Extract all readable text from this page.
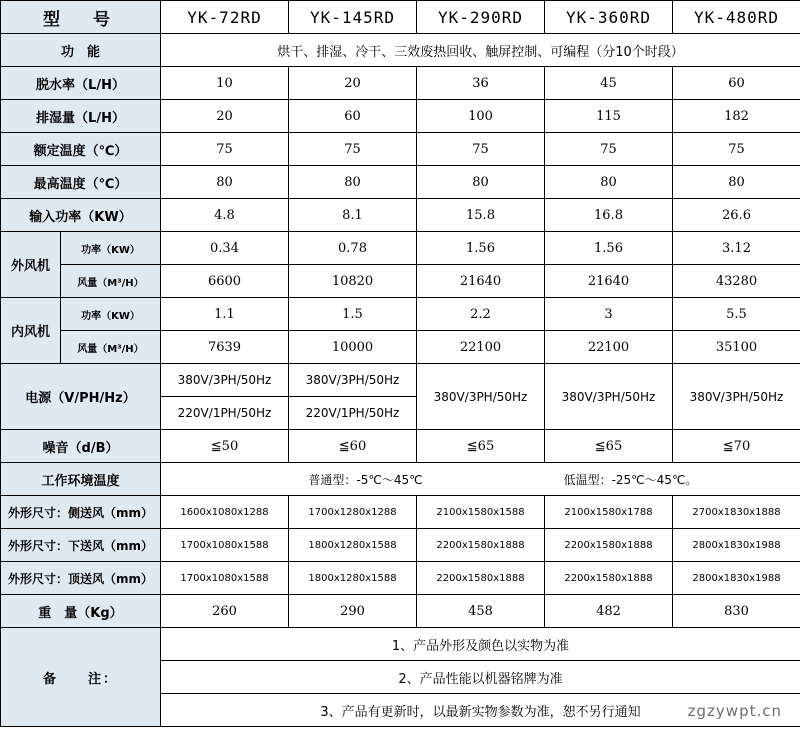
型　号		YK-72RD	YK-145RD	YK-290RD	YK-360RD	YK-480RD
功　能		烘干、排湿、冷干、三效废热回收、触屏控制、可编程（分10个时段）				
脱水率（L/H）		10	20	36	45	60
排湿量（L/H）		20	60	100	115	182
额定温度（℃）		75	75	75	75	75
最高温度（℃）		80	80	80	80	80
输入功率（KW）		4.8	8.1	15.8	16.8	26.6
外风机	功率（KW）	0.34	0.78	1.56	1.56	3.12
	风量（M³/H）	6600	10820	21640	21640	43280
内风机	功率（KW）	1.1	1.5	2.2	3	5.5
	风量（M³/H）	7639	10000	22100	22100	35100
电源（V/PH/Hz）		380V/3PH/50Hz	380V/3PH/50Hz	380V/3PH/50Hz	380V/3PH/50Hz	380V/3PH/50Hz
		220V/1PH/50Hz	220V/1PH/50Hz			
噪音（d/B）		≦50	≦60	≦65	≦65	≦70
工作环境温度		普通型：-5℃～45℃ 低温型：-25℃～45℃。				
外形尺寸：侧送风（mm）		1600x1080x1288	1700x1280x1288	2100x1580x1588	2100x1580x1788	2700x1830x1888
外形尺寸：下送风（mm）		1700x1080x1588	1800x1280x1588	2200x1580x1888	2200x1580x1888	2800x1830x1988
外形尺寸：顶送风（mm）		1700x1080x1588	1800x1280x1588	2200x1580x1888	2200x1580x1888	2800x1830x1988
重　量（Kg）		260	290	458	482	830
备　　注：		1、产品外形及颜色以实物为准				
		2、产品性能以机器铭牌为准				
		3、产品有更新时，以最新实物参数为准，恕不另行通知					zgzywpt.cn
